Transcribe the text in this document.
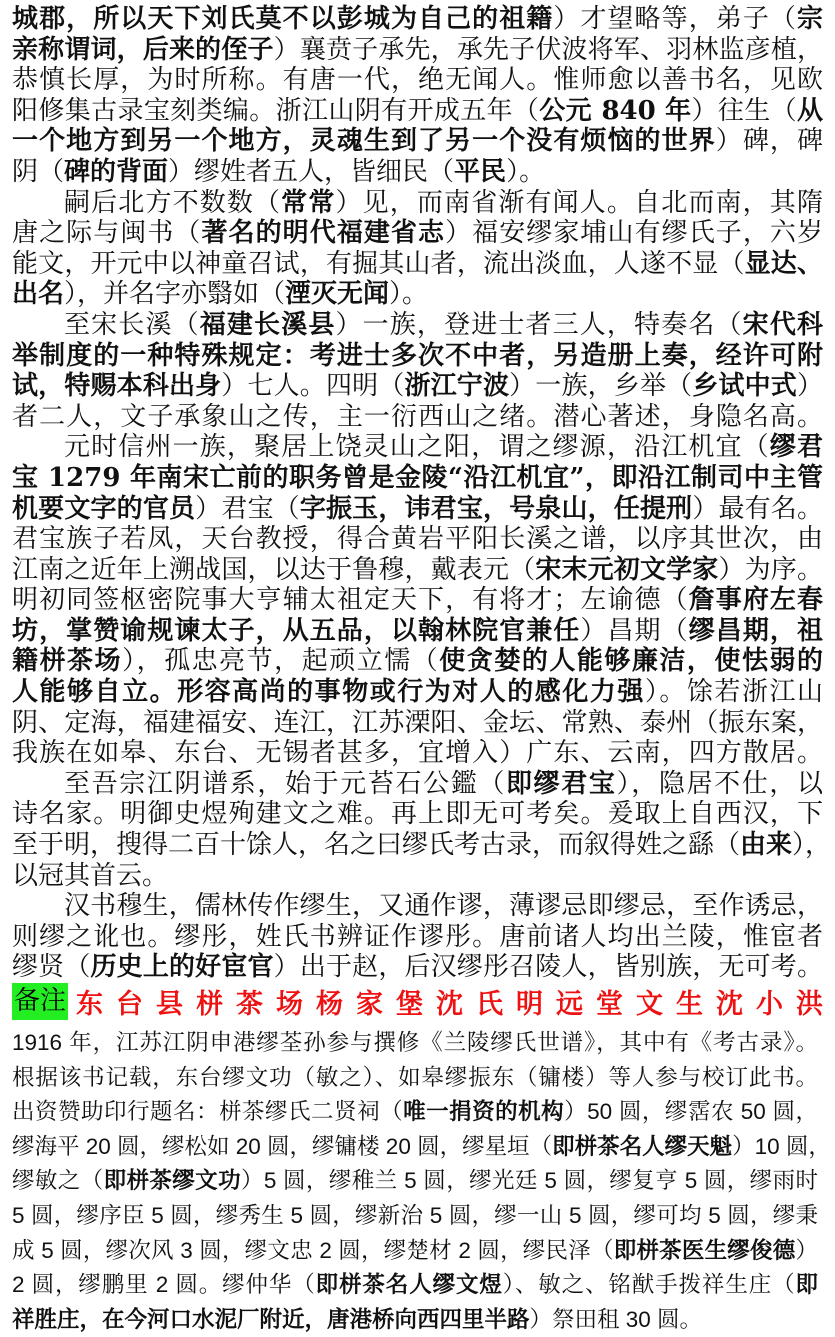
城郡，所以天下刘氏莫不以彭城为自己的祖籍）才望略等，弟子（宗
亲称谓词，后来的侄子）襄贲子承先，承先子伏波将军、羽林监彦植，
恭慎长厚，为时所称。有唐一代，绝无闻人。惟师愈以善书名，见欧
阳修集古录宝刻类编。浙江山阴有开成五年（公元 840 年）往生（从
一个地方到另一个地方，灵魂生到了另一个没有烦恼的世界）碑，碑
阴（碑的背面）缪姓者五人，皆细民（平民）。
嗣后北方不数数（常常）见，而南省渐有闻人。自北而南，其隋
唐之际与闽书（著名的明代福建省志）福安缪家埔山有缪氏子，六岁
能文，开元中以神童召试，有掘其山者，流出淡血，人遂不显（显达、
出名），并名字亦翳如（湮灭无闻）。
至宋长溪（福建长溪县）一族，登进士者三人，特奏名（宋代科
举制度的一种特殊规定：考进士多次不中者，另造册上奏，经许可附
试，特赐本科出身）七人。四明（浙江宁波）一族，乡举（乡试中式）
者二人，文子承象山之传，主一衍西山之绪。潜心著述，身隐名高。
元时信州一族，聚居上饶灵山之阳，谓之缪源，沿江机宜（缪君
宝 1279 年南宋亡前的职务曾是金陵“沿江机宜”，即沿江制司中主管
机要文字的官员）君宝（字振玉，讳君宝，号泉山，任提刑）最有名。
君宝族子若凤，天台教授，得合黄岩平阳长溪之谱，以序其世次，由
江南之近年上溯战国，以达于鲁穆，戴表元（宋末元初文学家）为序。
明初同签枢密院事大亨辅太祖定天下，有将才；左谕德（詹事府左春
坊，掌赞谕规谏太子，从五品，以翰林院官兼任）昌期（缪昌期，祖
籍栟茶场），孤忠亮节，起顽立懦（使贪婪的人能够廉洁，使怯弱的
人能够自立。形容高尚的事物或行为对人的感化力强）。馀若浙江山
阴、定海，福建福安、连江，江苏溧阳、金坛、常熟、泰州（振东案，
我族在如皋、东台、无锡者甚多，宜增入）广东、云南，四方散居。
至吾宗江阴谱系，始于元苔石公鑑（即缪君宝），隐居不仕，以
诗名家。明御史煜殉建文之难。再上即无可考矣。爰取上自西汉，下
至于明，搜得二百十馀人，名之曰缪氏考古录，而叙得姓之繇（由来），
以冠其首云。
汉书穆生，儒林传作缪生，又通作谬，薄谬忌即缪忌，至作诱忌，
则缪之讹也。缪彤，姓氏书辨证作谬彤。唐前诸人均出兰陵，惟宦者
缪贤（历史上的好宦官）出于赵，后汉缪彤召陵人，皆别族，无可考。
备注 东台县栟茶场杨家堡沈氏明远堂文生沈小洪
1916 年，江苏江阴申港缪荃孙参与撰修《兰陵缪氏世谱》，其中有《考古录》。
根据该书记载，东台缪文功（敏之）、如皋缪振东（镛楼）等人参与校订此书。
出资赞助印行题名：栟茶缪氏二贤祠（唯一捐资的机构）50 圆，缪霑农 50 圆，
缪海平 20 圆，缪松如 20 圆，缪镛楼 20 圆，缪星垣（即栟茶名人缪天魁）10 圆，
缪敏之（即栟茶缪文功）5 圆，缪稚兰 5 圆，缪光廷 5 圆，缪复亨 5 圆，缪雨时
5 圆，缪序臣 5 圆，缪秀生 5 圆，缪新治 5 圆，缪一山 5 圆，缪可均 5 圆，缪秉
成 5 圆，缪次风 3 圆，缪文忠 2 圆，缪楚材 2 圆，缪民泽（即栟茶医生缪俊德）
2 圆，缪鹏里 2 圆。缪仲华（即栟茶名人缪文煜）、敏之、铭猷手拨祥生庄（即
祥胜庄，在今河口水泥厂附近，唐港桥向西四里半路）祭田租 30 圆。
